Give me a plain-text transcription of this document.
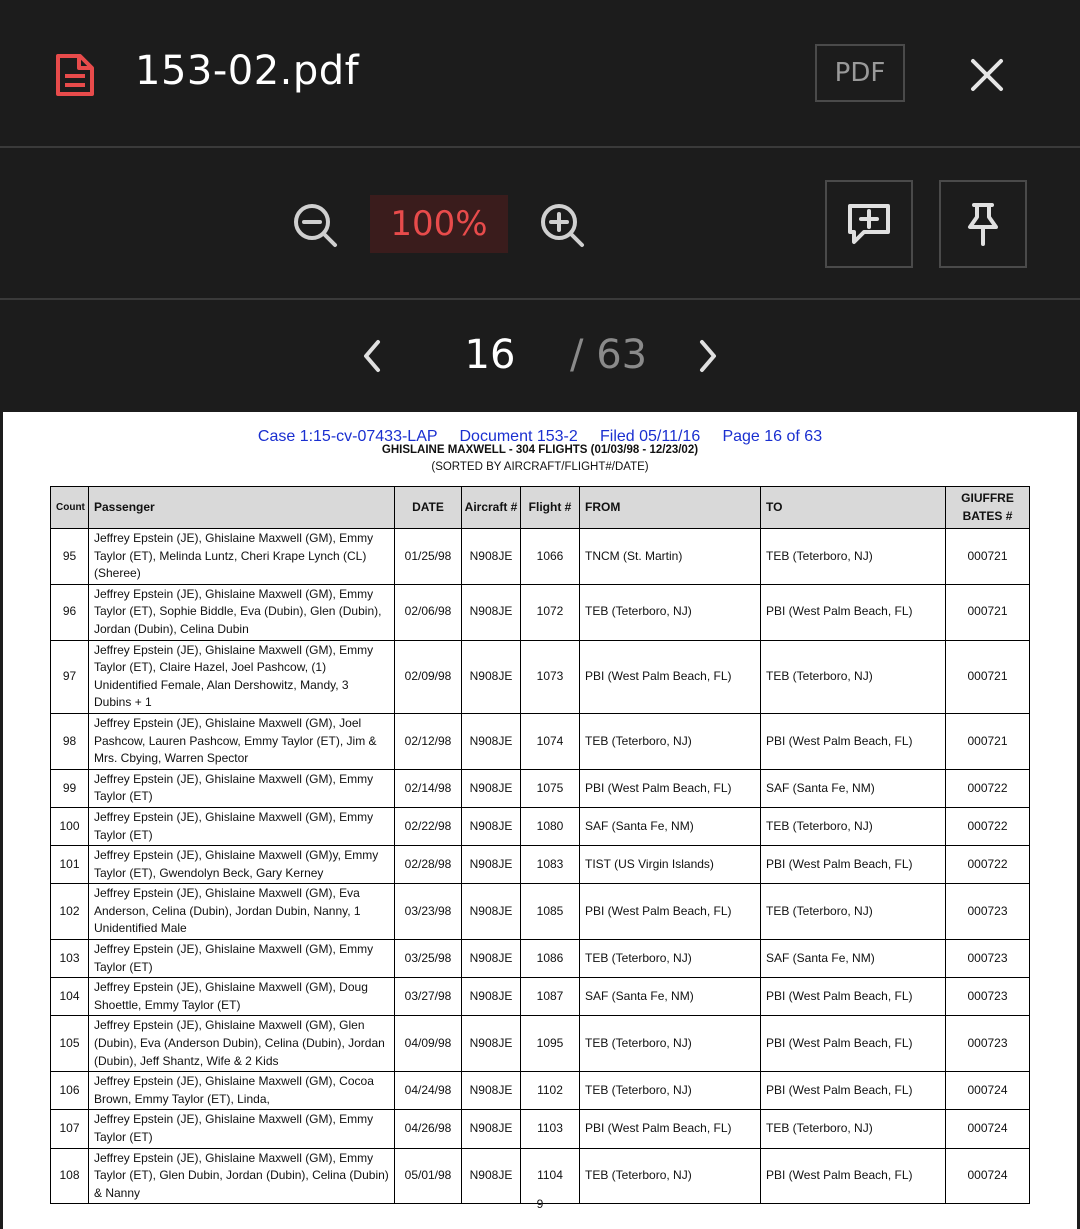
153-02.pdf	PDF
100%
16 / 63
Case 1:15-cv-07433-LAP     Document 153-2     Filed 05/11/16     Page 16 of 63
GHISLAINE MAXWELL - 304 FLIGHTS (01/03/98 - 12/23/02)
(SORTED BY AIRCRAFT/FLIGHT#/DATE)
Count	Passenger	DATE	Aircraft #	Flight #	FROM	TO	GIUFFRE BATES #
95	Jeffrey Epstein (JE), Ghislaine Maxwell (GM), Emmy Taylor (ET), Melinda Luntz, Cheri Krape Lynch (CL) (Sheree)	01/25/98	N908JE	1066	TNCM (St. Martin)	TEB (Teterboro, NJ)	000721
96	Jeffrey Epstein (JE), Ghislaine Maxwell (GM), Emmy Taylor (ET), Sophie Biddle, Eva (Dubin), Glen (Dubin), Jordan (Dubin), Celina Dubin	02/06/98	N908JE	1072	TEB (Teterboro, NJ)	PBI (West Palm Beach, FL)	000721
97	Jeffrey Epstein (JE), Ghislaine Maxwell (GM), Emmy Taylor (ET), Claire Hazel, Joel Pashcow, (1) Unidentified Female, Alan Dershowitz, Mandy, 3 Dubins + 1	02/09/98	N908JE	1073	PBI (West Palm Beach, FL)	TEB (Teterboro, NJ)	000721
98	Jeffrey Epstein (JE), Ghislaine Maxwell (GM), Joel Pashcow, Lauren Pashcow, Emmy Taylor (ET), Jim & Mrs. Cbying, Warren Spector	02/12/98	N908JE	1074	TEB (Teterboro, NJ)	PBI (West Palm Beach, FL)	000721
99	Jeffrey Epstein (JE), Ghislaine Maxwell (GM), Emmy Taylor (ET)	02/14/98	N908JE	1075	PBI (West Palm Beach, FL)	SAF (Santa Fe, NM)	000722
100	Jeffrey Epstein (JE), Ghislaine Maxwell (GM), Emmy Taylor (ET)	02/22/98	N908JE	1080	SAF (Santa Fe, NM)	TEB (Teterboro, NJ)	000722
101	Jeffrey Epstein (JE), Ghislaine Maxwell (GM)y, Emmy Taylor (ET), Gwendolyn Beck, Gary Kerney	02/28/98	N908JE	1083	TIST (US Virgin Islands)	PBI (West Palm Beach, FL)	000722
102	Jeffrey Epstein (JE), Ghislaine Maxwell (GM), Eva Anderson, Celina (Dubin), Jordan Dubin, Nanny, 1 Unidentified Male	03/23/98	N908JE	1085	PBI (West Palm Beach, FL)	TEB (Teterboro, NJ)	000723
103	Jeffrey Epstein (JE), Ghislaine Maxwell (GM), Emmy Taylor (ET)	03/25/98	N908JE	1086	TEB (Teterboro, NJ)	SAF (Santa Fe, NM)	000723
104	Jeffrey Epstein (JE), Ghislaine Maxwell (GM), Doug Shoettle, Emmy Taylor (ET)	03/27/98	N908JE	1087	SAF (Santa Fe, NM)	PBI (West Palm Beach, FL)	000723
105	Jeffrey Epstein (JE), Ghislaine Maxwell (GM), Glen (Dubin), Eva (Anderson Dubin), Celina (Dubin), Jordan (Dubin), Jeff Shantz, Wife & 2 Kids	04/09/98	N908JE	1095	TEB (Teterboro, NJ)	PBI (West Palm Beach, FL)	000723
106	Jeffrey Epstein (JE), Ghislaine Maxwell (GM), Cocoa Brown, Emmy Taylor (ET), Linda,	04/24/98	N908JE	1102	TEB (Teterboro, NJ)	PBI (West Palm Beach, FL)	000724
107	Jeffrey Epstein (JE), Ghislaine Maxwell (GM), Emmy Taylor (ET)	04/26/98	N908JE	1103	PBI (West Palm Beach, FL)	TEB (Teterboro, NJ)	000724
108	Jeffrey Epstein (JE), Ghislaine Maxwell (GM), Emmy Taylor (ET), Glen Dubin, Jordan (Dubin), Celina (Dubin) & Nanny	05/01/98	N908JE	1104	TEB (Teterboro, NJ)	PBI (West Palm Beach, FL)	000724
9
